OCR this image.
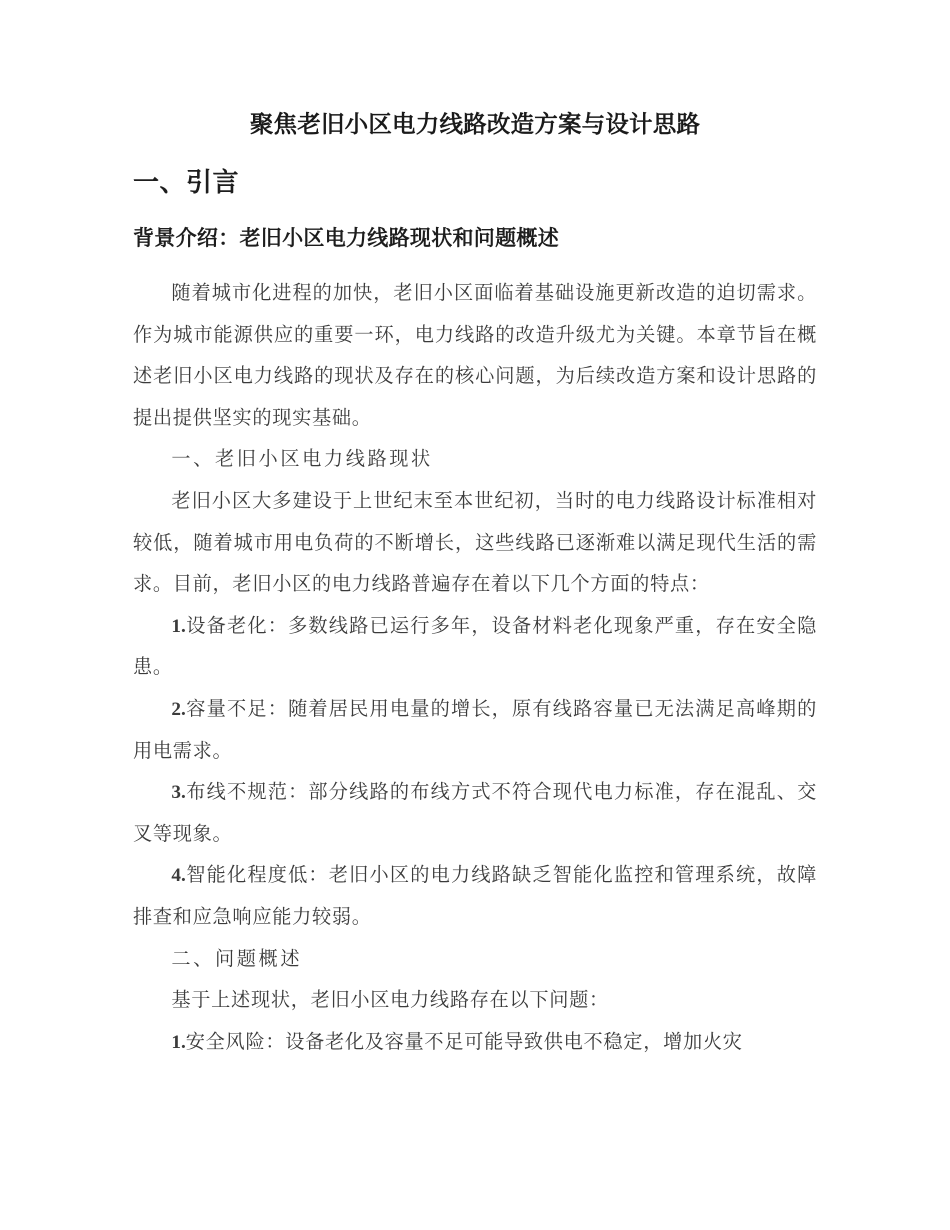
聚焦老旧小区电力线路改造方案与设计思路
一、引言
背景介绍：老旧小区电力线路现状和问题概述

随着城市化进程的加快，老旧小区面临着基础设施更新改造的迫切需求。作为城市能源供应的重要一环，电力线路的改造升级尤为关键。本章节旨在概述老旧小区电力线路的现状及存在的核心问题，为后续改造方案和设计思路的提出提供坚实的现实基础。

一、老旧小区电力线路现状

老旧小区大多建设于上世纪末至本世纪初，当时的电力线路设计标准相对较低，随着城市用电负荷的不断增长，这些线路已逐渐难以满足现代生活的需求。目前，老旧小区的电力线路普遍存在着以下几个方面的特点：

1.设备老化：多数线路已运行多年，设备材料老化现象严重，存在安全隐患。

2.容量不足：随着居民用电量的增长，原有线路容量已无法满足高峰期的用电需求。

3.布线不规范：部分线路的布线方式不符合现代电力标准，存在混乱、交叉等现象。

4.智能化程度低：老旧小区的电力线路缺乏智能化监控和管理系统，故障排查和应急响应能力较弱。

二、问题概述

基于上述现状，老旧小区电力线路存在以下问题：

1.安全风险：设备老化及容量不足可能导致供电不稳定，增加火灾
